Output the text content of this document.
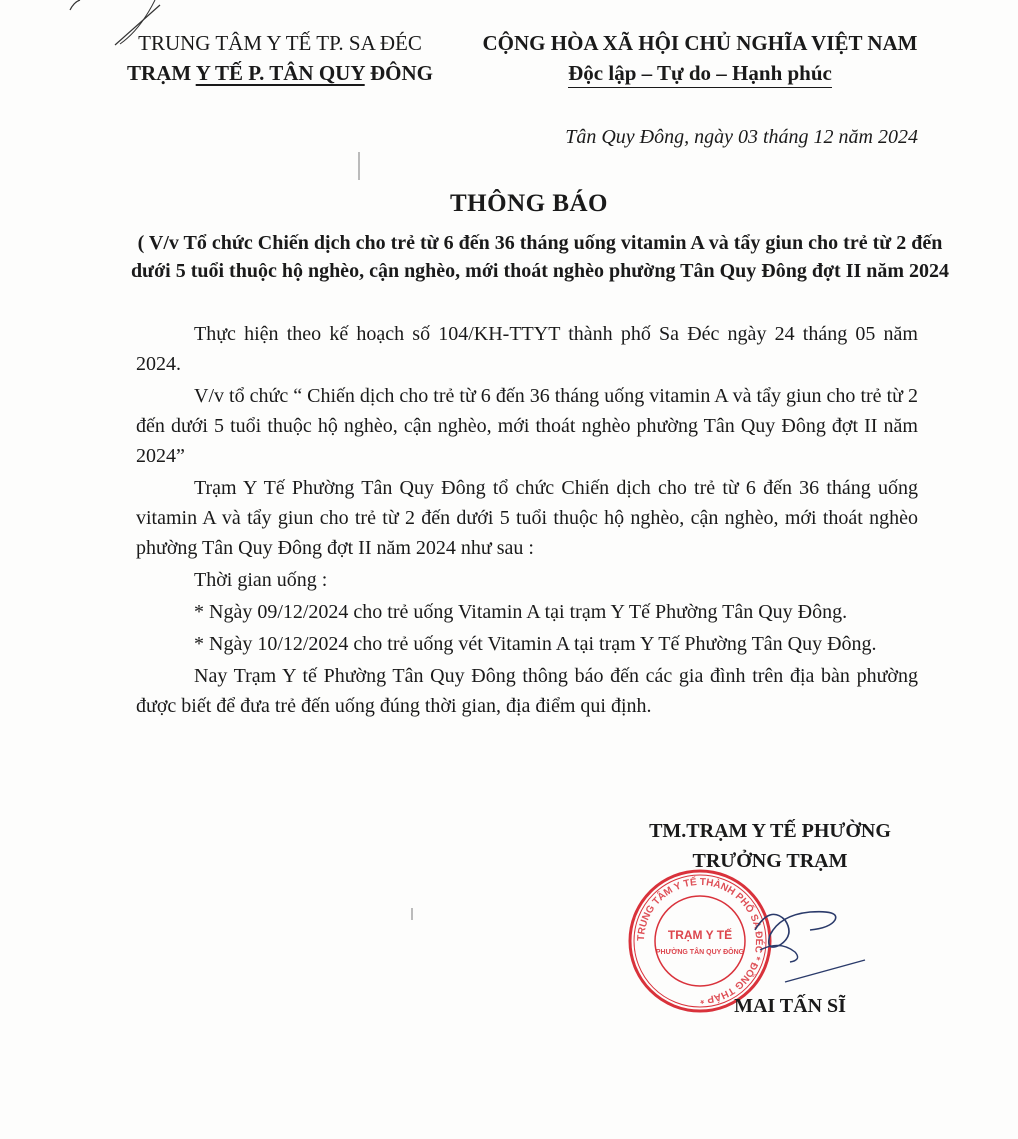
TRUNG TÂM Y TẾ TP. SA ĐÉC
TRẠM Y TẾ P. TÂN QUY ĐÔNG
CỘNG HÒA XÃ HỘI CHỦ NGHĨA VIỆT NAM
Độc lập – Tự do – Hạnh phúc
Tân Quy Đông, ngày 03 tháng 12 năm 2024
THÔNG BÁO
( V/v Tổ chức Chiến dịch cho trẻ từ 6 đến 36 tháng uống vitamin A và tẩy giun cho trẻ từ 2 đến dưới 5 tuổi thuộc hộ nghèo, cận nghèo, mới thoát nghèo phường Tân Quy Đông đợt II năm 2024

Thực hiện theo kế hoạch số 104/KH-TTYT thành phố Sa Đéc ngày 24 tháng 05 năm 2024.

V/v tổ chức “ Chiến dịch cho trẻ từ 6 đến 36 tháng uống vitamin A và tẩy giun cho trẻ từ 2 đến dưới 5 tuổi thuộc hộ nghèo, cận nghèo, mới thoát nghèo phường Tân Quy Đông đợt II năm 2024”

Trạm Y Tế Phường Tân Quy Đông tổ chức Chiến dịch cho trẻ từ 6 đến 36 tháng uống vitamin A và tẩy giun cho trẻ từ 2 đến dưới 5 tuổi thuộc hộ nghèo, cận nghèo, mới thoát nghèo phường Tân Quy Đông đợt II năm 2024 như sau :

Thời gian uống :

* Ngày 09/12/2024 cho trẻ uống Vitamin A tại trạm Y Tế Phường Tân Quy Đông.

* Ngày 10/12/2024 cho trẻ uống vét Vitamin A tại trạm Y Tế Phường Tân Quy Đông.

Nay Trạm Y tế Phường Tân Quy Đông thông báo đến các gia đình trên địa bàn phường được biết để đưa trẻ đến uống đúng thời gian, địa điểm qui định.

TM.TRẠM Y TẾ PHƯỜNG
TRƯỞNG TRẠM
TRUNG TÂM Y TẾ THÀNH PHỐ SA ĐÉC * ĐỒNG THÁP *
TRẠM Y TẾ
PHƯỜNG TÂN QUY ĐÔNG
MAI TẤN SĨ
